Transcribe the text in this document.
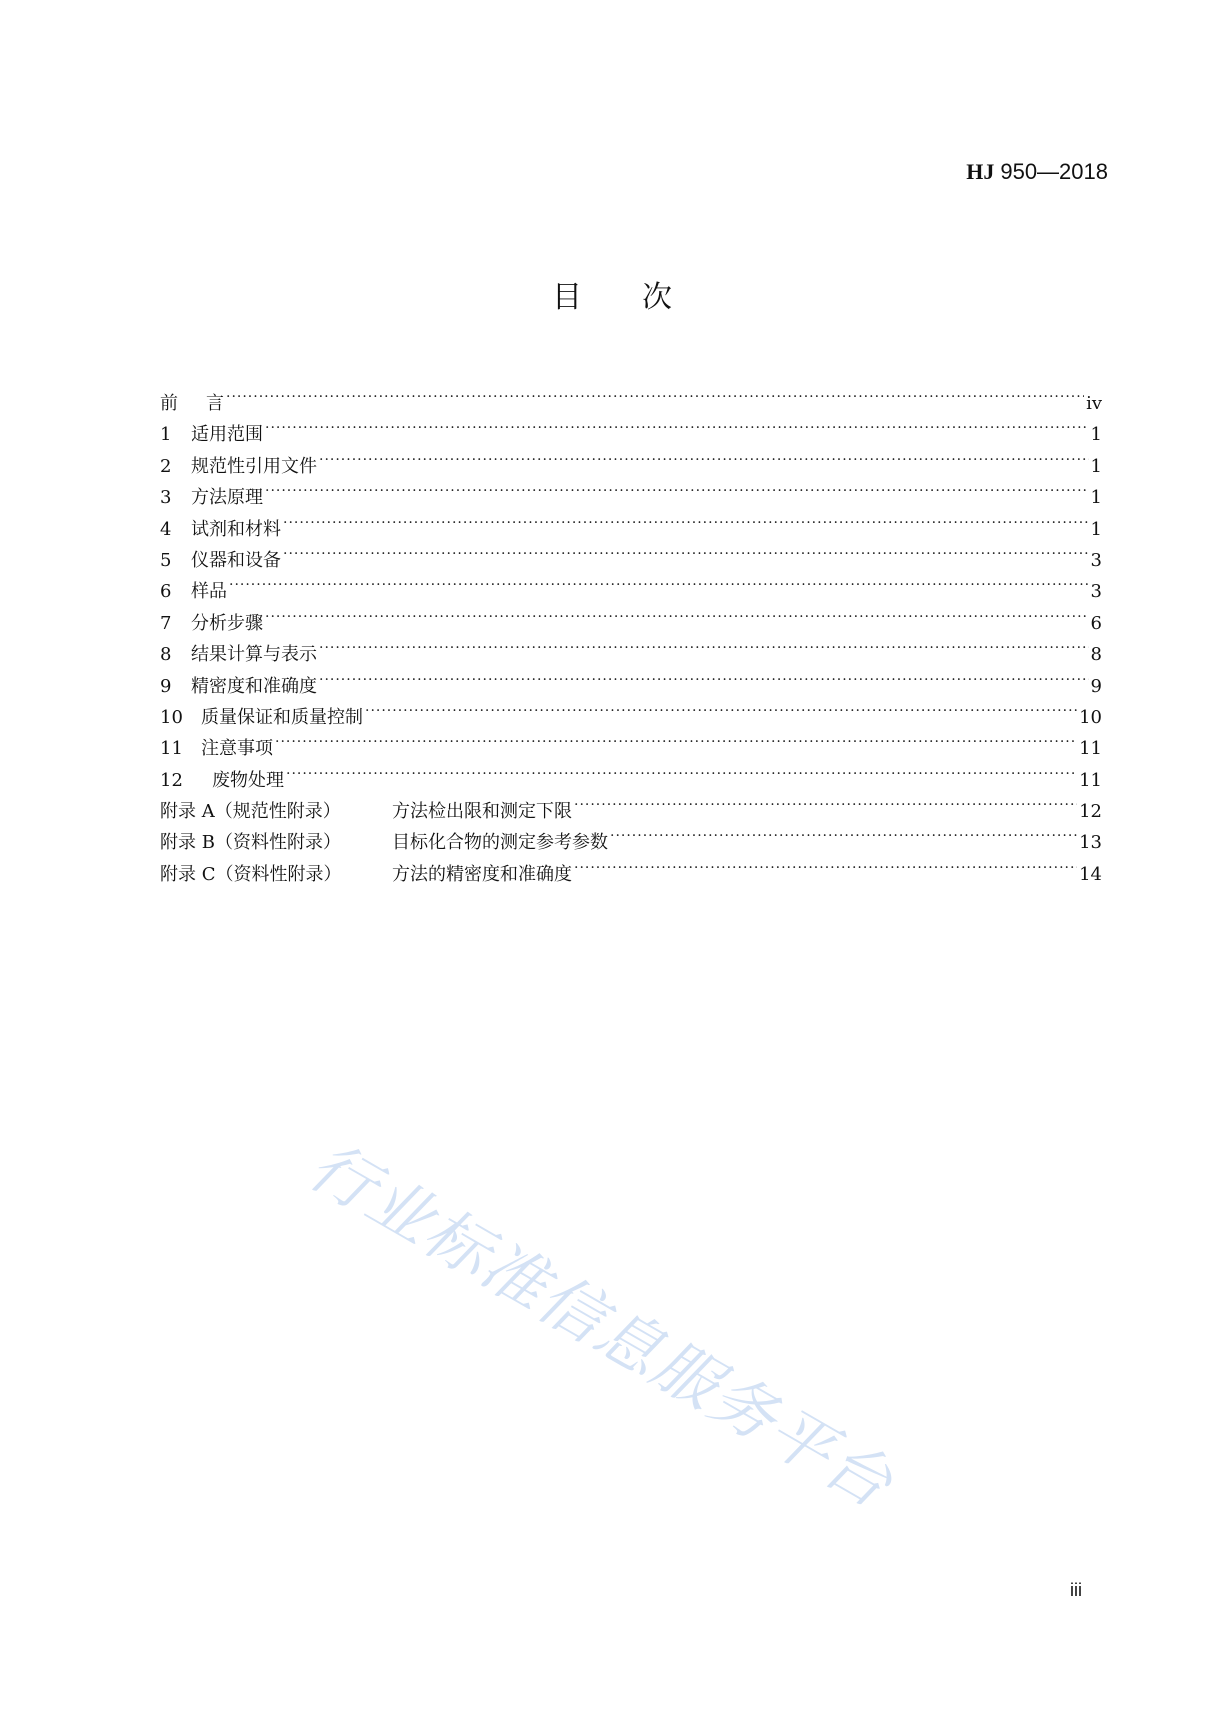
HJ 950—2018
目　　次
前	言 .....	iv
1	适用范围 .....	1
2	规范性引用文件 .....	1
3	方法原理 .....	1
4	试剂和材料 .....	1
5	仪器和设备 .....	3
6	样品 .....	3
7	分析步骤 .....	6
8	结果计算与表示 .....	8
9	精密度和准确度 .....	9
10	质量保证和质量控制 .....	10
11	注意事项 .....	11
12	废物处理 .....	11
附录 A（规范性附录）	方法检出限和测定下限 .....	12
附录 B（资料性附录）	目标化合物的测定参考参数 .....	13
附录 C（资料性附录）	方法的精密度和准确度 .....	14
行业标准信息服务平台
iii
